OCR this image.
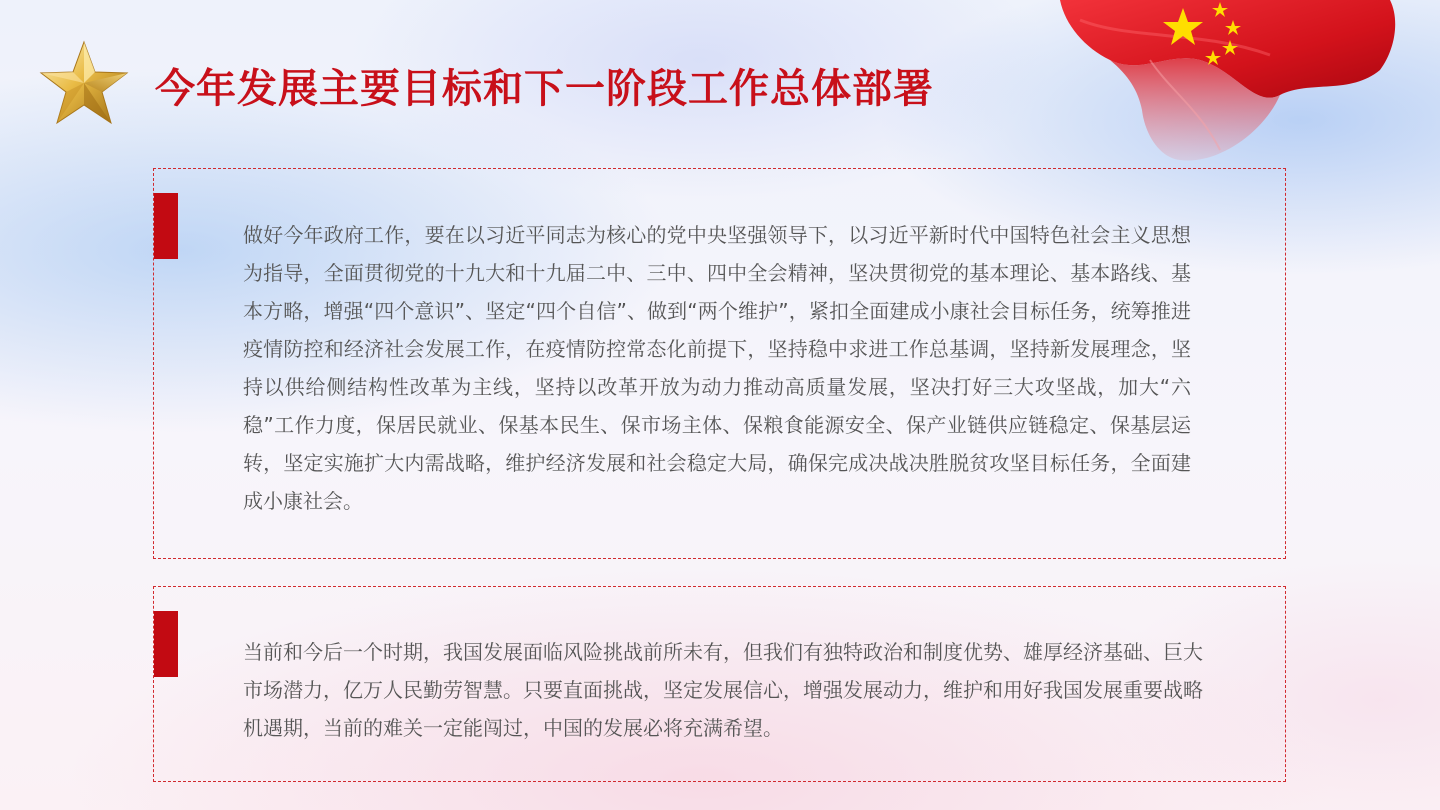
今年发展主要目标和下一阶段工作总体部署

做好今年政府工作，要在以习近平同志为核心的党中央坚强领导下，以习近平新时代中国特色社会主义思想为指导，全面贯彻党的十九大和十九届二中、三中、四中全会精神，坚决贯彻党的基本理论、基本路线、基本方略，增强“四个意识”、坚定“四个自信”、做到“两个维护”，紧扣全面建成小康社会目标任务，统筹推进疫情防控和经济社会发展工作，在疫情防控常态化前提下，坚持稳中求进工作总基调，坚持新发展理念，坚持以供给侧结构性改革为主线，坚持以改革开放为动力推动高质量发展，坚决打好三大攻坚战，加大“六稳”工作力度，保居民就业、保基本民生、保市场主体、保粮食能源安全、保产业链供应链稳定、保基层运转，坚定实施扩大内需战略，维护经济发展和社会稳定大局，确保完成决战决胜脱贫攻坚目标任务，全面建成小康社会。

当前和今后一个时期，我国发展面临风险挑战前所未有，但我们有独特政治和制度优势、雄厚经济基础、巨大市场潜力，亿万人民勤劳智慧。只要直面挑战，坚定发展信心，增强发展动力，维护和用好我国发展重要战略机遇期，当前的难关一定能闯过，中国的发展必将充满希望。
